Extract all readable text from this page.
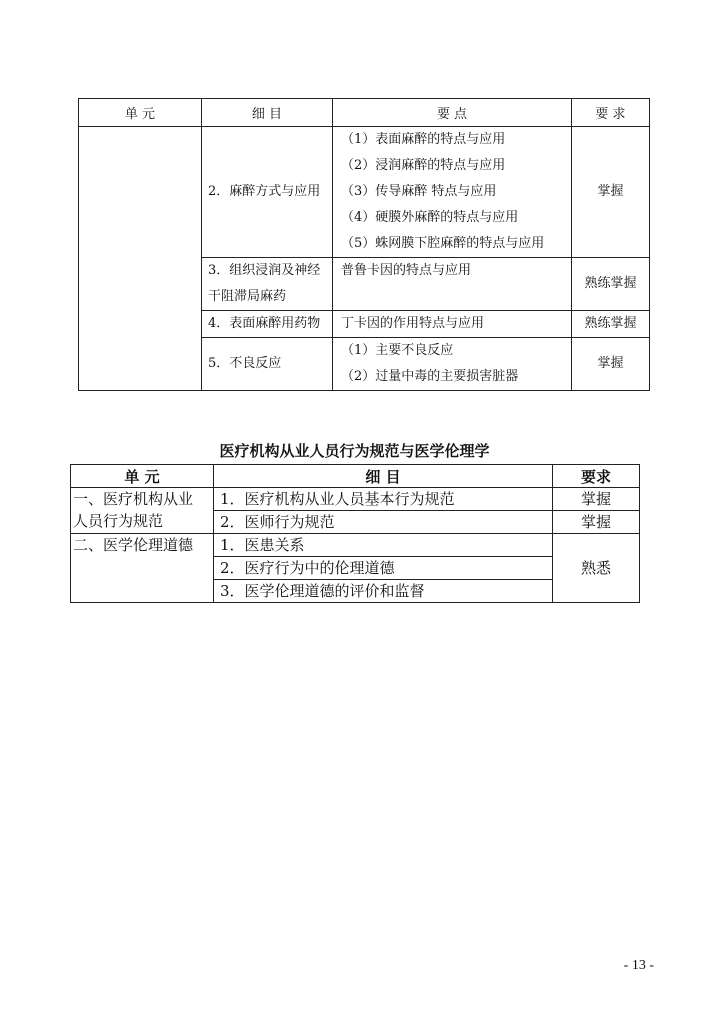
单 元	细 目	要 点	要 求
	2．麻醉方式与应用	（1）表面麻醉的特点与应用
（2）浸润麻醉的特点与应用
（3）传导麻醉 特点与应用
（4）硬膜外麻醉的特点与应用
（5）蛛网膜下腔麻醉的特点与应用	掌握
	3．组织浸润及神经干阻滞局麻药	普鲁卡因的特点与应用	熟练掌握
	4．表面麻醉用药物	丁卡因的作用特点与应用	熟练掌握
	5．不良反应	（1）主要不良反应
（2）过量中毒的主要损害脏器	掌握
医疗机构从业人员行为规范与医学伦理学
单 元	细 目	要求

一、医疗机构从业
人员行为规范	1．医疗机构从业人员基本行为规范	掌握
	2．医师行为规范	掌握

二、医学伦理道德	1．医患关系	熟悉
	2．医疗行为中的伦理道德	
	3．医学伦理道德的评价和监督	
- 13 -
